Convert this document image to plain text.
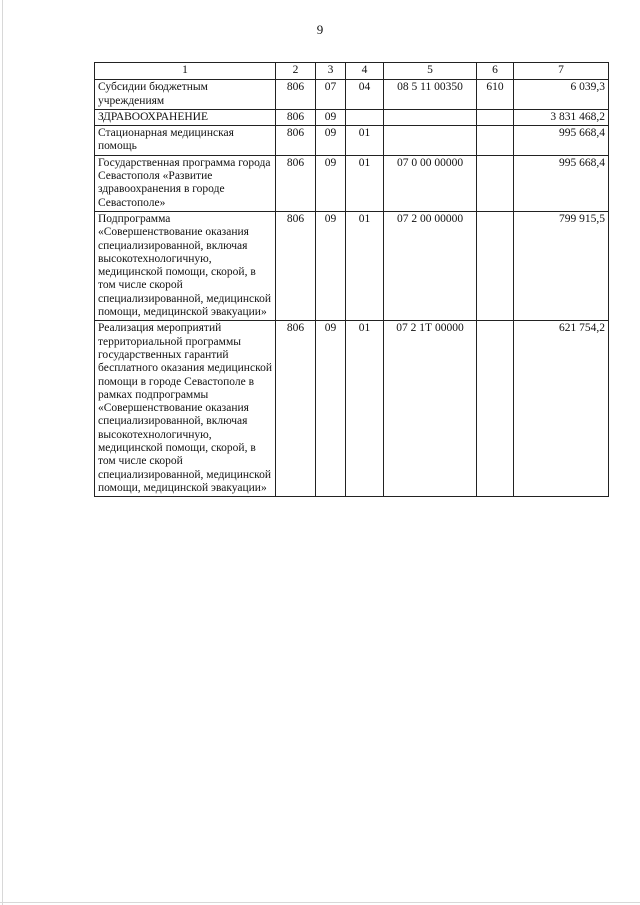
9
1	2	3	4	5	6	7
Субсидии бюджетным учреждениям	806	07	04	08 5 11 00350	610	6 039,3
ЗДРАВООХРАНЕНИЕ	806	09				3 831 468,2
Стационарная медицинская помощь	806	09	01			995 668,4
Государственная программа города Севастополя «Развитие здравоохранения в городе Севастополе»	806	09	01	07 0 00 00000		995 668,4
Подпрограмма «Совершенствование оказания специализированной, включая высокотехнологичную, медицинской помощи, скорой, в том числе скорой специализированной, медицинской помощи, медицинской эвакуации»	806	09	01	07 2 00 00000		799 915,5
Реализация мероприятий территориальной программы государственных гарантий бесплатного оказания медицинской помощи в городе Севастополе в рамках подпрограммы «Совершенствование оказания специализированной, включая высокотехнологичную, медицинской помощи, скорой, в том числе скорой специализированной, медицинской помощи, медицинской эвакуации»	806	09	01	07 2 1Т 00000		621 754,2
